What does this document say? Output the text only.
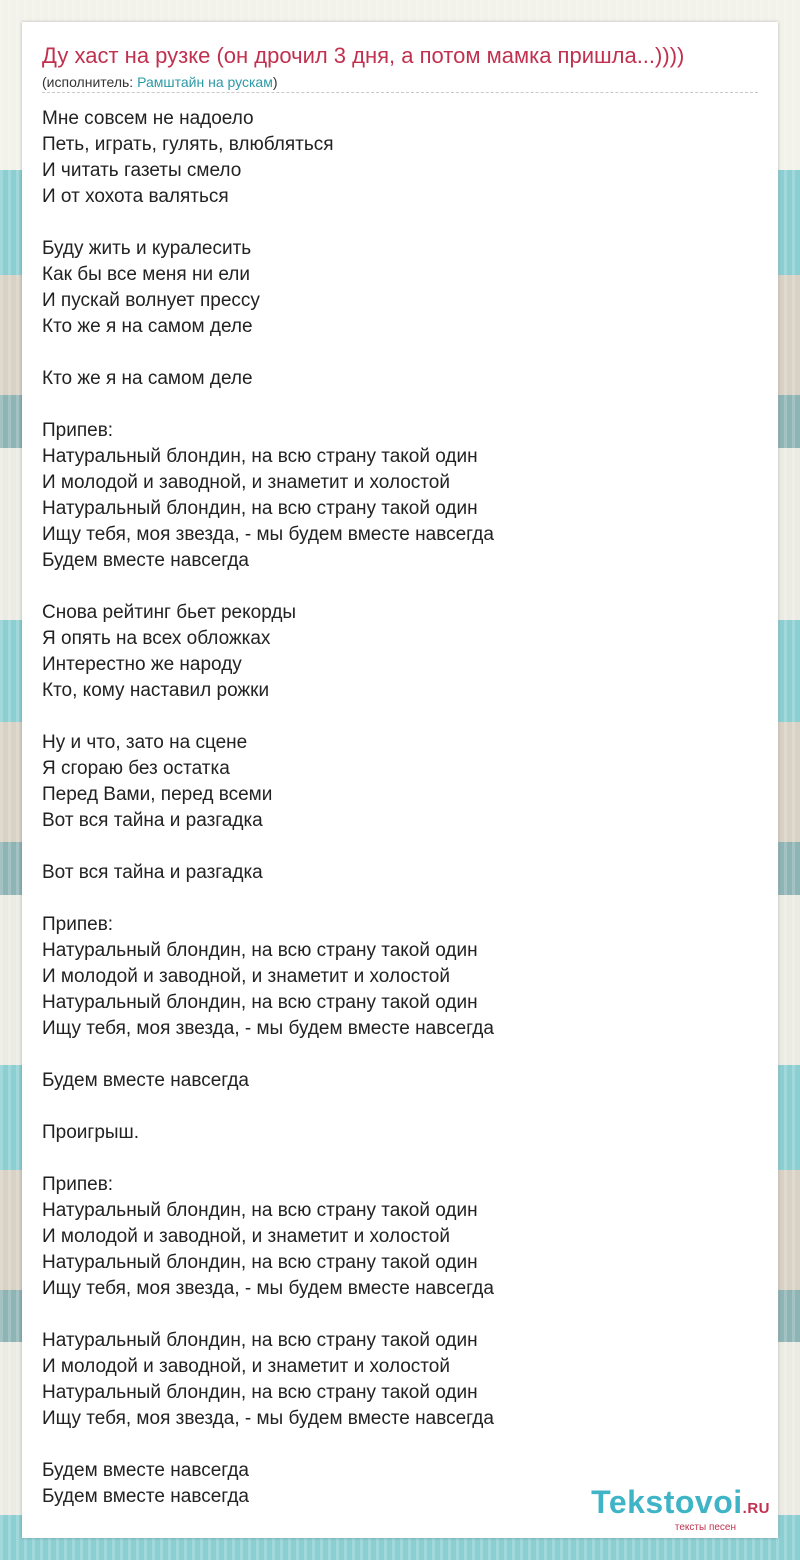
Ду хаст на рузке (он дрочил 3 дня, а потом мамка пришла...))))
(исполнитель: Рамштайн на рускам)
Мне совсем не надоело
Петь, играть, гулять, влюбляться
И читать газеты смело
И от хохота валяться
Буду жить и куралесить
Как бы все меня ни ели
И пускай волнует прессу
Кто же я на самом деле
Кто же я на самом деле
Припев:
Натуральный блондин, на всю страну такой один
И молодой и заводной, и знаметит и холостой
Натуральный блондин, на всю страну такой один
Ищу тебя, моя звезда, - мы будем вместе навсегда
Будем вместе навсегда
Снова рейтинг бьет рекорды
Я опять на всех обложках
Интерестно же народу
Кто, кому наставил рожки
Ну и что, зато на сцене
Я сгораю без остатка
Перед Вами, перед всеми
Вот вся тайна и разгадка
Вот вся тайна и разгадка
Припев:
Натуральный блондин, на всю страну такой один
И молодой и заводной, и знаметит и холостой
Натуральный блондин, на всю страну такой один
Ищу тебя, моя звезда, - мы будем вместе навсегда
Будем вместе навсегда
Проигрыш.
Припев:
Натуральный блондин, на всю страну такой один
И молодой и заводной, и знаметит и холостой
Натуральный блондин, на всю страну такой один
Ищу тебя, моя звезда, - мы будем вместе навсегда
Натуральный блондин, на всю страну такой один
И молодой и заводной, и знаметит и холостой
Натуральный блондин, на всю страну такой один
Ищу тебя, моя звезда, - мы будем вместе навсегда
Будем вместе навсегда
Будем вместе навсегда	Tekstovoi.RU
тексты песен
